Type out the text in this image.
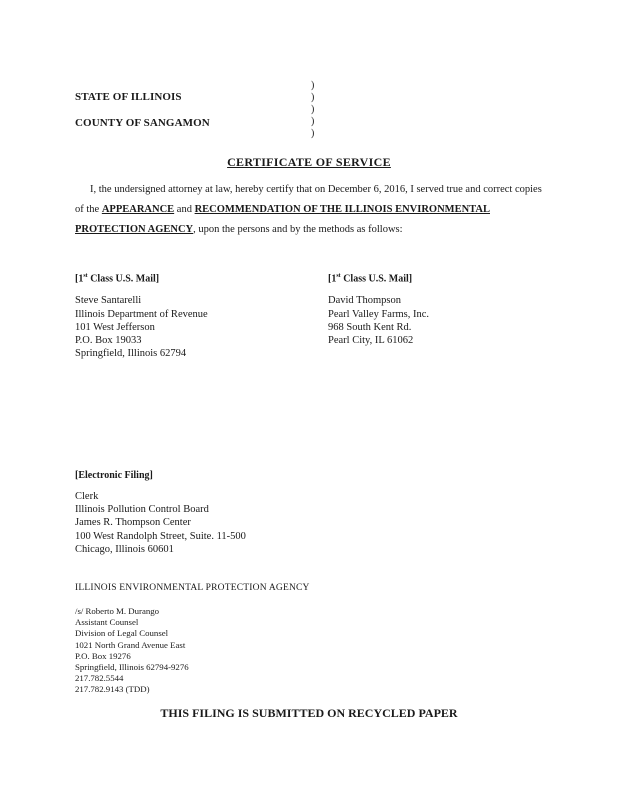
STATE OF ILLINOIS
COUNTY OF SANGAMON
)
)
)
)
)
CERTIFICATE OF SERVICE
I, the undersigned attorney at law, hereby certify that on December 6, 2016, I served true and correct copies of the APPEARANCE and RECOMMENDATION OF THE ILLINOIS ENVIRONMENTAL PROTECTION AGENCY, upon the persons and by the methods as follows:
[1st Class U.S. Mail]
Steve Santarelli
Illinois Department of Revenue
101 West Jefferson
P.O. Box 19033
Springfield, Illinois 62794
[1st Class U.S. Mail]
David Thompson
Pearl Valley Farms, Inc.
968 South Kent Rd.
Pearl City, IL 61062
[Electronic Filing]
Clerk
Illinois Pollution Control Board
James R. Thompson Center
100 West Randolph Street, Suite. 11-500
Chicago, Illinois 60601
ILLINOIS ENVIRONMENTAL PROTECTION AGENCY
/s/ Roberto M. Durango
Assistant Counsel
Division of Legal Counsel
1021 North Grand Avenue East
P.O. Box 19276
Springfield, Illinois 62794-9276
217.782.5544
217.782.9143 (TDD)
THIS FILING IS SUBMITTED ON RECYCLED PAPER
